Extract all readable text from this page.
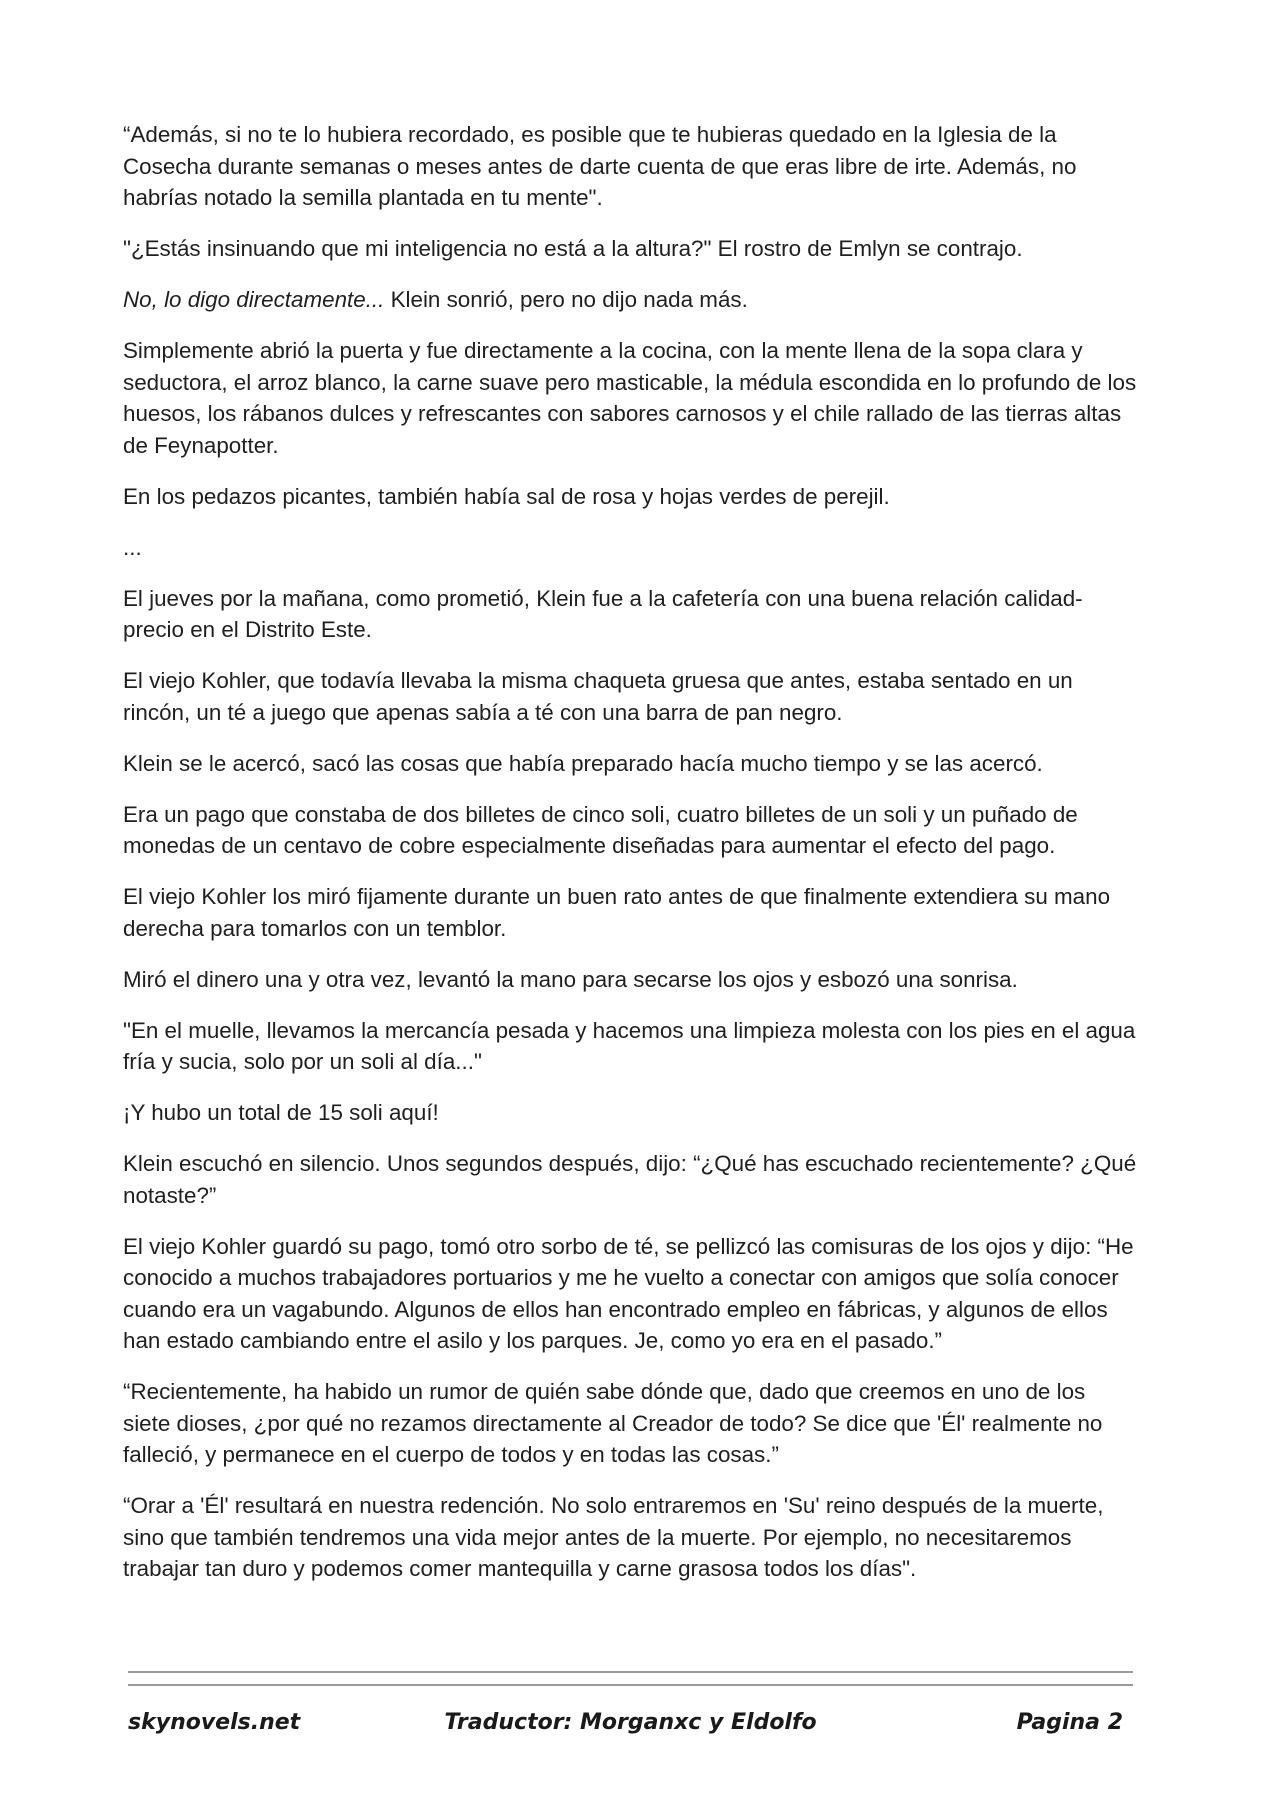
“Además, si no te lo hubiera recordado, es posible que te hubieras quedado en la Iglesia de la Cosecha durante semanas o meses antes de darte cuenta de que eras libre de irte. Además, no habrías notado la semilla plantada en tu mente".

"¿Estás insinuando que mi inteligencia no está a la altura?" El rostro de Emlyn se contrajo.

No, lo digo directamente... Klein sonrió, pero no dijo nada más.

Simplemente abrió la puerta y fue directamente a la cocina, con la mente llena de la sopa clara y seductora, el arroz blanco, la carne suave pero masticable, la médula escondida en lo profundo de los huesos, los rábanos dulces y refrescantes con sabores carnosos y el chile rallado de las tierras altas de Feynapotter.

En los pedazos picantes, también había sal de rosa y hojas verdes de perejil.

...

El jueves por la mañana, como prometió, Klein fue a la cafetería con una buena relación calidad-precio en el Distrito Este.

El viejo Kohler, que todavía llevaba la misma chaqueta gruesa que antes, estaba sentado en un rincón, un té a juego que apenas sabía a té con una barra de pan negro.

Klein se le acercó, sacó las cosas que había preparado hacía mucho tiempo y se las acercó.

Era un pago que constaba de dos billetes de cinco soli, cuatro billetes de un soli y un puñado de monedas de un centavo de cobre especialmente diseñadas para aumentar el efecto del pago.

El viejo Kohler los miró fijamente durante un buen rato antes de que finalmente extendiera su mano derecha para tomarlos con un temblor.

Miró el dinero una y otra vez, levantó la mano para secarse los ojos y esbozó una sonrisa.

"En el muelle, llevamos la mercancía pesada y hacemos una limpieza molesta con los pies en el agua fría y sucia, solo por un soli al día..."

¡Y hubo un total de 15 soli aquí!

Klein escuchó en silencio. Unos segundos después, dijo: “¿Qué has escuchado recientemente? ¿Qué notaste?”

El viejo Kohler guardó su pago, tomó otro sorbo de té, se pellizcó las comisuras de los ojos y dijo: “He conocido a muchos trabajadores portuarios y me he vuelto a conectar con amigos que solía conocer cuando era un vagabundo. Algunos de ellos han encontrado empleo en fábricas, y algunos de ellos han estado cambiando entre el asilo y los parques. Je, como yo era en el pasado.”

“Recientemente, ha habido un rumor de quién sabe dónde que, dado que creemos en uno de los siete dioses, ¿por qué no rezamos directamente al Creador de todo? Se dice que 'Él' realmente no falleció, y permanece en el cuerpo de todos y en todas las cosas.”

“Orar a 'Él' resultará en nuestra redención. No solo entraremos en 'Su' reino después de la muerte, sino que también tendremos una vida mejor antes de la muerte. Por ejemplo, no necesitaremos trabajar tan duro y podemos comer mantequilla y carne grasosa todos los días".

skynovels.net	Traductor: Morganxc y Eldolfo	Pagina 2
